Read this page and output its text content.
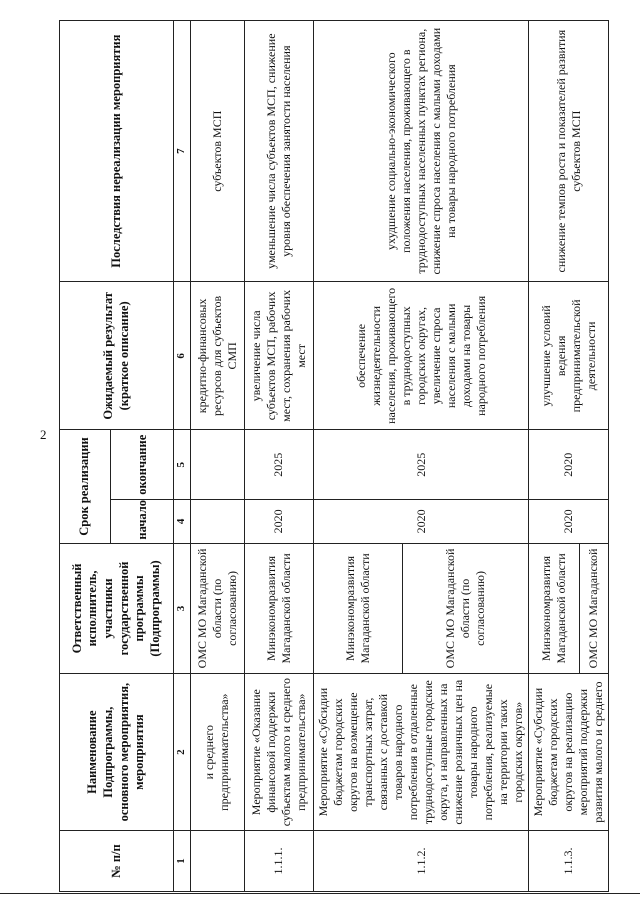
2
№ п/п	Наименование Подпрограммы, основного мероприятия, мероприятия	Ответственный исполнитель, участники государственной программы (Подпрограммы)	Срок реализации		Ожидаемый результат (краткое описание)	Последствия нереализации мероприятия
			начало	окончание		
1	2	3	4	5	6	7
	и среднего предпринимательства»	ОМС МО Магаданской области (по согласованию)			кредитно-финансовых ресурсов для субъектов СМП	субъектов МСП
1.1.1.	Мероприятие «Оказание финансовой поддержки субъектам малого и среднего предпринимательства»	Минэкономразвития Магаданской области	2020	2025	увеличение числа субъектов МСП, рабочих мест, сохранения рабочих мест	уменьшение числа субъектов МСП, снижение уровня обеспечения занятости населения
1.1.2.	Мероприятие «Субсидии бюджетам городских округов на возмещение транспортных затрат, связанных с доставкой товаров народного потребления в отдаленные труднодоступные городские округа, и направленных на снижение розничных цен на товары народного потребления, реализуемые на территории таких городских округов»	Минэкономразвития Магаданской области	2020	2025	обеспечение жизнедеятельности населения, проживающего в труднодоступных городских округах, увеличение спроса населения с малыми доходами на товары народного потребления	ухудшение социально-экономического положения населения, проживающего в труднодоступных населенных пунктах региона, снижение спроса населения с малыми доходами на товары народного потребления
		ОМС МО Магаданской области (по согласованию)				
1.1.3.	Мероприятие «Субсидии бюджетам городских округов на реализацию мероприятий поддержки развития малого и среднего	Минэкономразвития Магаданской области	2020	2020	улучшение условий ведения предпринимательской деятельности	снижение темпов роста и показателей развития субъектов МСП
		ОМС МО Магаданской				
